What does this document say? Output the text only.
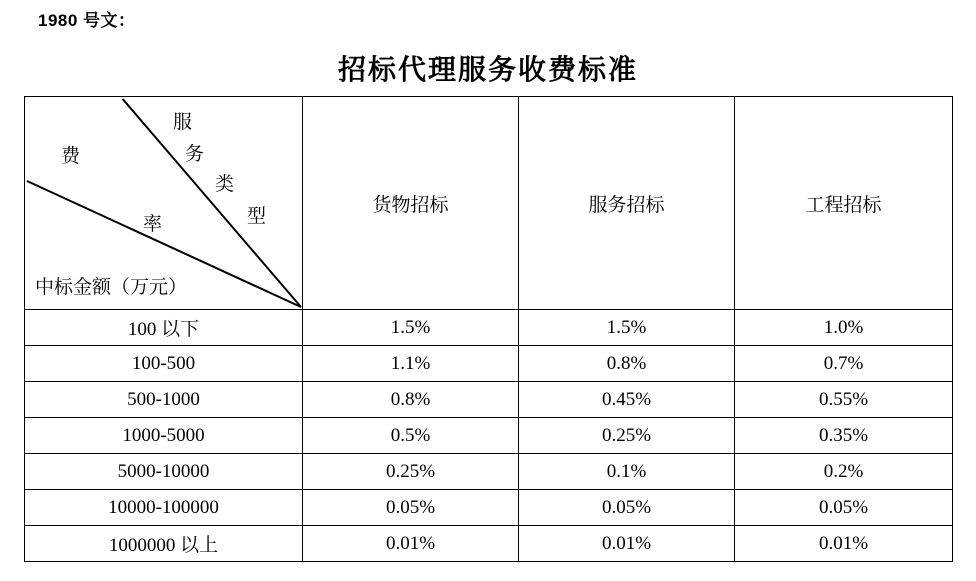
1980 号文：
招标代理服务收费标准
费
服
务
率
类
型
中标金额（万元）
	货物招标	服务招标	工程招标
100 以下	1.5%	1.5%	1.0%
100-500	1.1%	0.8%	0.7%
500-1000	0.8%	0.45%	0.55%
1000-5000	0.5%	0.25%	0.35%
5000-10000	0.25%	0.1%	0.2%
10000-100000	0.05%	0.05%	0.05%
1000000 以上	0.01%	0.01%	0.01%
